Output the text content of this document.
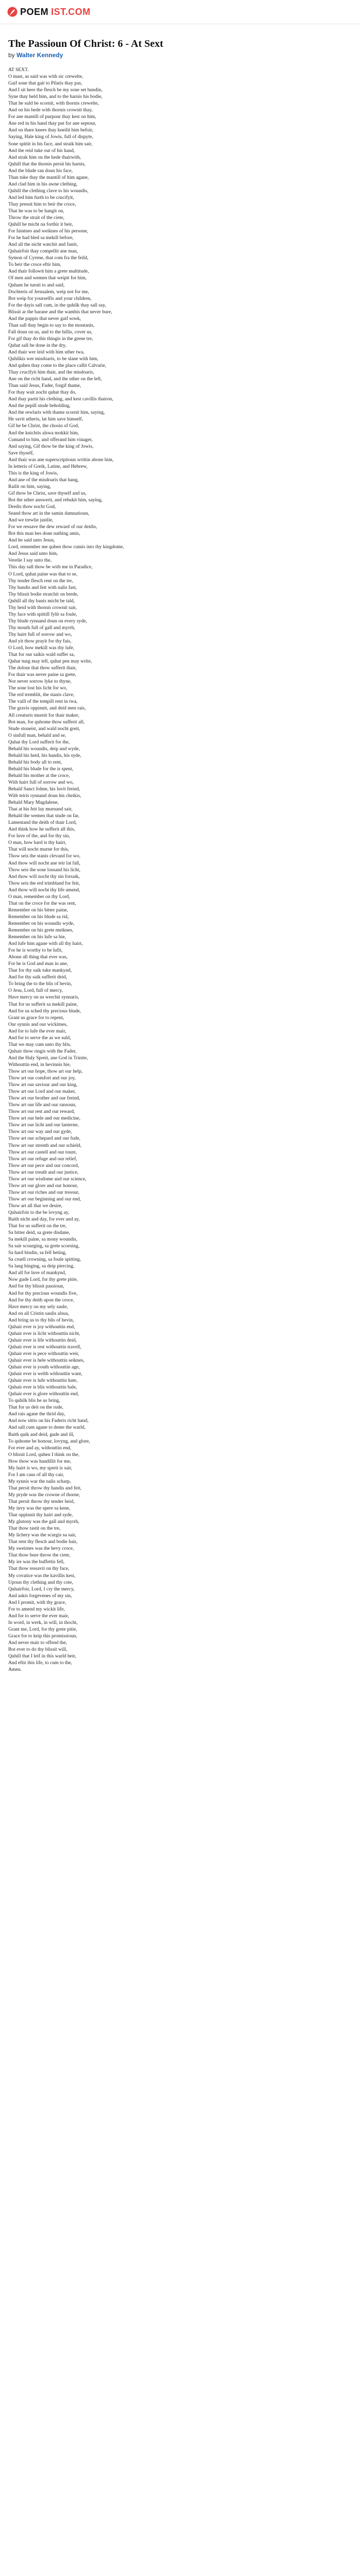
POEM IST.COM
The Passioun Of Christ: 6 - At Sext

by Walter Kennedy

AT SEXT.
O mast, as said was with sic crewelte,
Gaif sone that gait to Pilatis thay pas,
And I sit here the flesch be my sone set bundin,
Syne thay held him, and to the harnis his bodie,
That he suld be scornit, with thornis crewelte,
And on his hede with thornis crownit thay,
For ane mantill of purpour thay kest on him,
Ane red in his hand thay put for ane septour,
And on thare knees thay kneilit him befoir,
Saying, Hale king of Jowis, full of dispyte,
Sone spittit in his face, and straik him sair,
And the reid tuke out of his hand,
And strak him on the hede thairwith,
Quhill that the thornis persit his harnis,
And the blude ran doun his face,
Than tuke thay the mantill of him agane,
And clad him in his awne clething,
Quhill the clething clave to his woundis,
And led him furth to be crucifyit,
Thay pressit him to beir the croce,
That he was to be hangit on,
Throw the strait of the ciete,
Quhill he micht na forthir it beir,
For faintnes and weiknes of his persone,
For he had bled sa mekill before,
And all the nicht watchit and fastit,
Quhairfoir thay compellit ane man,
Symon of Cyrene, that com fra the feild,
To beir the croce eftir him,
And thair followit him a grete multitude,
Of men and wemen that weipit for him,
Quham he turnit to and said,
Dochteris of Jerusalem, weip not for me,
Bot weip for yourselfis and your children,
For the dayis sall cum, in the quhilk thay sall say,
Blissit ar the barane and the wambis that never bure,
And the pappis that never gaif sowk,
Than sall thay begin to say to the montanis,
Fall doun on us, and to the hillis, cover us,
For gif thay do thir thingis in the grene tre,
Quhat sall be done in the dry,
And thair wer leid with him uther twa,
Quhilkis wer misdoaris, to be slane with him,
And quhen thay come to the place callit Calvarie,
Thay crucifyit him thair, and the misdoaris,
Ane on the richt hand, and the uther on the left,
Than said Jesus, Fader, forgif thame,
For thay wait nocht quhat thay do,
And thay partit his clething, and kest cavillis thairon,
And the pepill stude beholding,
And the rewlaris with thame scornit him, saying,
He savit utheris, lat him save himself,
Gif he be Christ, the chosin of God,
And the knichtis alswa mokkit him,
Cumand to him, and offerand him vinager,
And saying, Gif thow be the king of Jowis,
Save thyself,
And thair was ane superscriptioun writtin abone him,
In letteris of Greik, Latine, and Hebrew,
This is the king of Jowis,
And ane of the misdoaris that hang,
Railit on him, saying,
Gif thow be Christ, save thyself and us,
Bot the uther answerit, and rebukit him, saying,
Dredis thow nocht God,
Seand thow art in the samin damnatioun,
And we trewlie justlie,
For we ressave the dew reward of our deidis,
Bot this man hes done nathing amis,
And he said unto Jesus,
Lord, remember me quhen thow cumis into thy kingdome,
And Jesus said unto him,
Verelie I say unto the,
This day sall thow be with me in Paradice,
O Lord, quhat paine was that to se,
Thy tender flesch rent on the tre,
Thy handis and feit with nalis fast,
Thy blissit bodie stratchit on brede,
Quhill all thy banis micht be tald,
Thy heid with thornis crownit sair,
Thy face with spittill fylit sa foule,
Thy blude rynnand doun on every syde,
Thy mouth full of gall and myrrh,
Thy hairt full of sorrow and wo,
And yit thow prayit for thy fais,
O Lord, how mekill was thy lufe,
That for our saikis wald suffer sa,
Quhat tung may tell, quhat pen may write,
The dolour that thow sufferit thair,
For thair was never paine sa grete,
Nor never sorrow lyke to thyne,
The sone lost his licht for wo,
The erd tremblit, the stanis clave,
The vaill of the tempill rent in twa,
The gravis oppinnit, and deid men rais,
All creaturis murnit for thair maker,
Bot man, for quhome thow sufferit all,
Stude stoneist, and wald nocht greit,
O sinfull man, behald and se,
Quhat thy Lord sufferit for the,
Behald his woundis, deip and wyde,
Behald his heid, his handis, his syde,
Behald his body all to rent,
Behald his blude for the is spent,
Behald his mother at the croce,
With hairt full of sorrow and wo,
Behald Sanct Johne, his luvit freind,
With teiris rynnand doun his cheikis,
Behald Mary Magdalene,
That at his feit lay murnand sair,
Behald the wemen that stude on far,
Lamentand the deith of thair Lord,
And think how he sufferit all this,
For luve of the, and for thy sin,
O man, how hard is thy hairt,
That will nocht murne for this,
Thow seis the stanis clevand for wo,
And thow will nocht ane teir lat fall,
Thow seis the sone lossand his licht,
And thow will nocht thy sin forsaik,
Thow seis the erd trimbland for feir,
And thow will nocht thy life amend,
O man, remember on thy Lord,
That on the croce for the was rent,
Remember on his bitter paine,
Remember on his blude sa rid,
Remember on his woundis wyde,
Remember on his grete meiknes,
Remember on his lufe sa hie,
And lufe him agane with all thy hairt,
For he is worthy to be lufit,
Abone all thing that ever was,
For he is God and man in ane,
That for thy saik tuke mankynd,
And for thy saik sufferit deid,
To bring the to the blis of hevin,
O Jesu, Lord, full of mercy,
Have mercy on us wrechit synnaris,
That for us sufferit sa mekill paine,
And for us sched thy precious blude,
Grant us grace for to repent,
Our synnis and our wickitnes,
And for to lufe the ever mair,
And for to serve the as we suld,
That we may cum unto thy blis,
Quhair thow ringis with the Fader,
And the Haly Spreit, ane God in Trinite,
Withouttin end, in hevinnis hie,
Thow art our hope, thow art our help,
Thow art our comfort and our joy,
Thow art our saviour and our king,
Thow art our Lord and our maker,
Thow art our brother and our freind,
Thow art our life and our ransoun,
Thow art our rest and our reward,
Thow art our hele and our medicine,
Thow art our licht and our lanterne,
Thow art our way and our gyde,
Thow art our schepard and our fude,
Thow art our strenth and our schield,
Thow art our castell and our toure,
Thow art our refuge and our relief,
Thow art our pece and our concord,
Thow art our treuth and our justice,
Thow art our wisdome and our science,
Thow art our glore and our honour,
Thow art our riches and our tresour,
Thow art our beginning and our end,
Thow art all that we desire,
Quhairfoir to the be lovyng ay,
Baith nicht and day, for ever and ay,
That for us sufferit on the tre,
Sa bitter deid, sa grete disdane,
Sa mekill paine, sa mony woundis,
Sa sair scourging, sa grete scorning,
Sa hard bindin, sa fell beting,
Sa cruell crowning, sa foule spitting,
Sa lang hinging, sa deip piercing,
And all for luve of mankynd,
Now gude Lord, for thy grete pitie,
And for thy blissit passioun,
And for thy precious woundis five,
And for thy deith upon the croce,
Have mercy on my sely saule,
And on all Cristin saulis alsua,
And bring us to thy blis of hevin,
Quhair ever is joy withouttin end,
Quhair ever is licht withouttin nicht,
Quhair ever is life withouttin deid,
Quhair ever is rest withouttin travell,
Quhair ever is pece withouttin weir,
Quhair ever is hele withouttin seiknes,
Quhair ever is youth withouttin age,
Quhair ever is welth withouttin want,
Quhair ever is lufe withouttin hate,
Quhair ever is blis withouttin bale,
Quhair ever is glore withouttin end,
To quhilk blis he us bring,
That for us deit on the rude,
And rais agane the thrid day,
And now sittis on his Faderis richt hand,
And sall cum agane to deme the warld,
Baith quik and deid, gude and ill,
To quhome be honour, lovyng, and glore,
For ever and ay, withouttin end,
O blissit Lord, quhen I think on the,
How thow was handillit for me,
My hairt is wo, my spreit is sair,
For I am caus of all thy cair,
My synnis war the nalis scharp,
That persit throw thy handis and feit,
My pryde was the crowne of thorne,
That persit throw thy tender heid,
My invy was the spere sa kene,
That oppinnit thy hairt and syde,
My glutony was the gall and myrrh,
That thow tastit on the tre,
My lichery was the scurgis sa sair,
That rent thy flesch and bodie bair,
My sweirnes was the hevy croce,
That thow bure throw the ciete,
My ire was the buffettis fell,
That thow ressavit on thy face,
My covatice was the kavillis kest,
Upoun thy clething and thy cote,
Quhairfoir, Lord, I cry the mercy,
And askis forgevenes of my sin,
And I promit, with thy grace,
For to amend my wickit life,
And for to serve the ever mair,
In word, in werk, in will, in thocht,
Grant me, Lord, for thy grete pitie,
Grace for to keip this promissioun,
And never mair to offend the,
Bot ever to do thy blissit will,
Quhill that I leif in this warld heir,
And eftir this life, to cum to the,
Amen.
